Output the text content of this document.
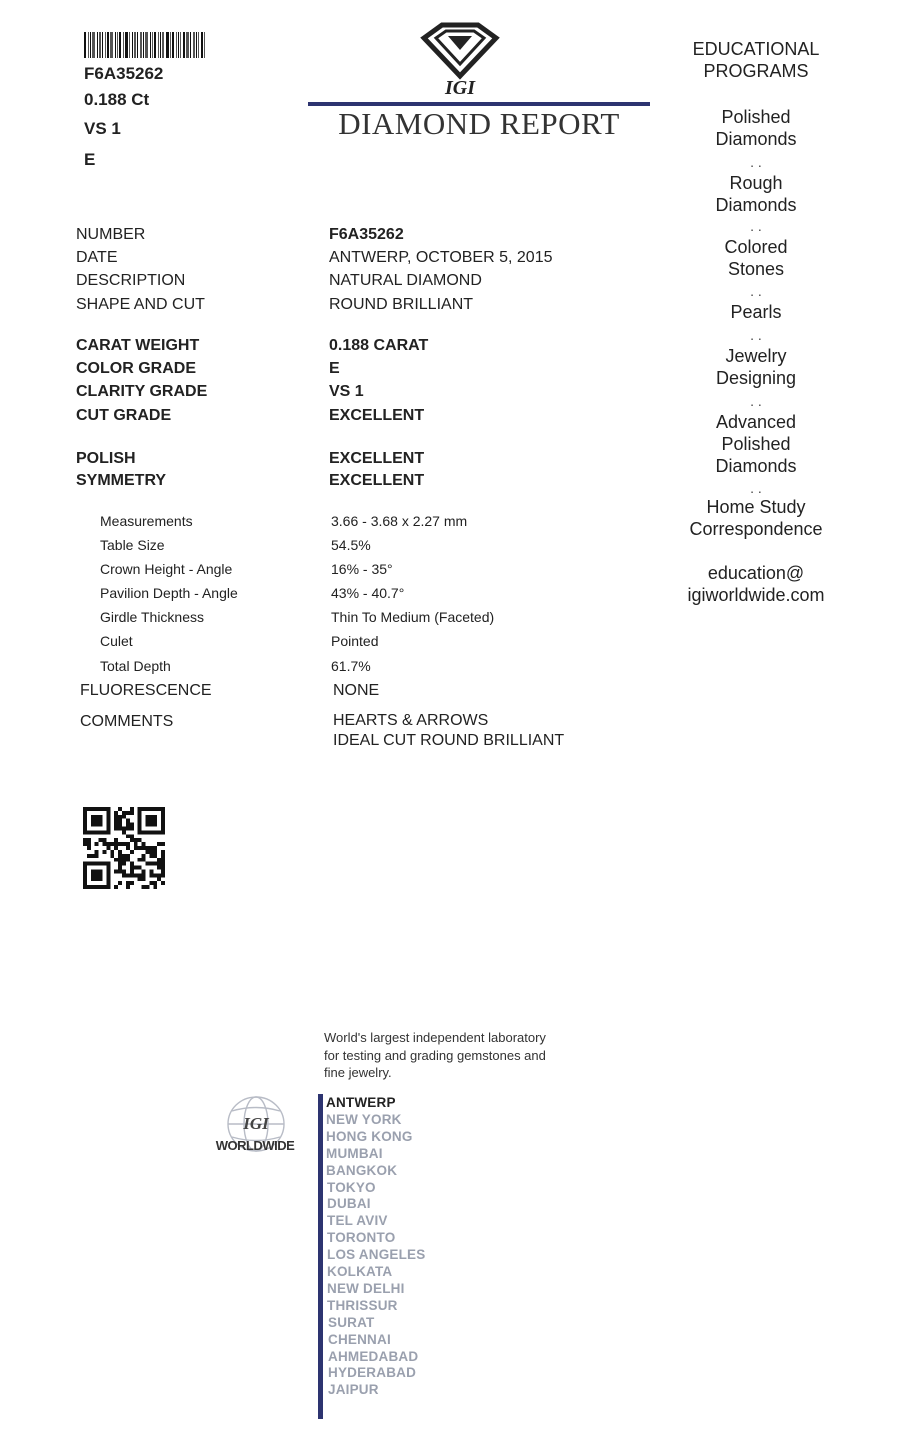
F6A35262
0.188 Ct
VS 1
E
IGI
DIAMOND REPORT
EDUCATIONAL
PROGRAMS
Polished
Diamonds
. .
Rough
Diamonds
. .
Colored
Stones
. .
Pearls
. .
Jewelry
Designing
. .
Advanced
Polished
Diamonds
. .
Home Study
Correspondence
education@
igiworldwide.com
NUMBER	F6A35262
DATE	ANTWERP, OCTOBER 5, 2015
DESCRIPTION	NATURAL DIAMOND
SHAPE AND CUT	ROUND BRILLIANT
CARAT WEIGHT	0.188 CARAT
COLOR GRADE	E
CLARITY GRADE	VS 1
CUT GRADE	EXCELLENT
POLISH	EXCELLENT
SYMMETRY	EXCELLENT
Measurements	3.66 - 3.68 x 2.27 mm
Table Size	54.5%
Crown Height - Angle	16% - 35°
Pavilion Depth - Angle	43% - 40.7°
Girdle Thickness	Thin To Medium (Faceted)
Culet	Pointed
Total Depth	61.7%
FLUORESCENCE	NONE
COMMENTS	HEARTS & ARROWS
IDEAL CUT ROUND BRILLIANT
World's largest independent laboratory
for testing and grading gemstones and
fine jewelry.
IGI
WORLDWIDE
ANTWERP
NEW YORK
HONG KONG
MUMBAI
BANGKOK
TOKYO
DUBAI
TEL AVIV
TORONTO
LOS ANGELES
KOLKATA
NEW DELHI
THRISSUR
SURAT
CHENNAI
AHMEDABAD
HYDERABAD
JAIPUR
